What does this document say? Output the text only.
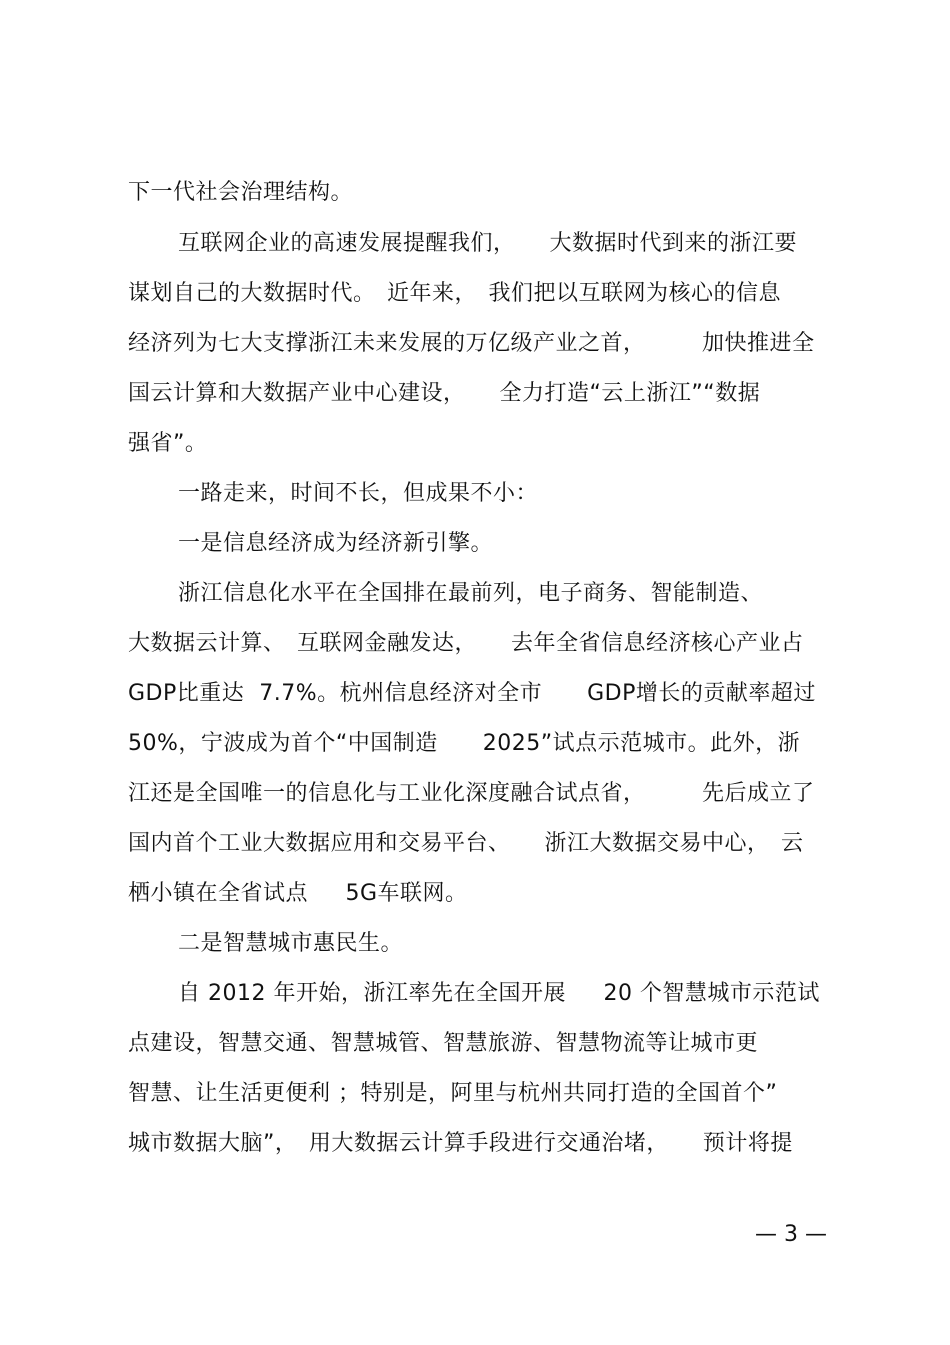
下一代社会治理结构。
互联网企业的高速发展提醒我们，　　大数据时代到来的浙江要
谋划自己的大数据时代。　近年来，　我们把以互联网为核心的信息
经济列为七大支撑浙江未来发展的万亿级产业之首，　　　加快推进全
国云计算和大数据产业中心建设，　　全力打造“云上浙江”“数据
强省”。
一路走来，时间不长，但成果不小：
一是信息经济成为经济新引擎。
浙江信息化水平在全国排在最前列，电子商务、智能制造、
大数据云计算、　互联网金融发达，　　去年全省信息经济核心产业占
GDP比重达  7.7%。杭州信息经济对全市      GDP增长的贡献率超过
50%，宁波成为首个“中国制造      2025”试点示范城市。此外，浙
江还是全国唯一的信息化与工业化深度融合试点省，　　　先后成立了
国内首个工业大数据应用和交易平台、　　浙江大数据交易中心，　云
栖小镇在全省试点     5G车联网。
二是智慧城市惠民生。
自 2012 年开始，浙江率先在全国开展     20 个智慧城市示范试
点建设，智慧交通、智慧城管、智慧旅游、智慧物流等让城市更
智慧、让生活更便利 ；特别是，阿里与杭州共同打造的全国首个”
城市数据大脑”，　用大数据云计算手段进行交通治堵，　　预计将提
— 3 —
